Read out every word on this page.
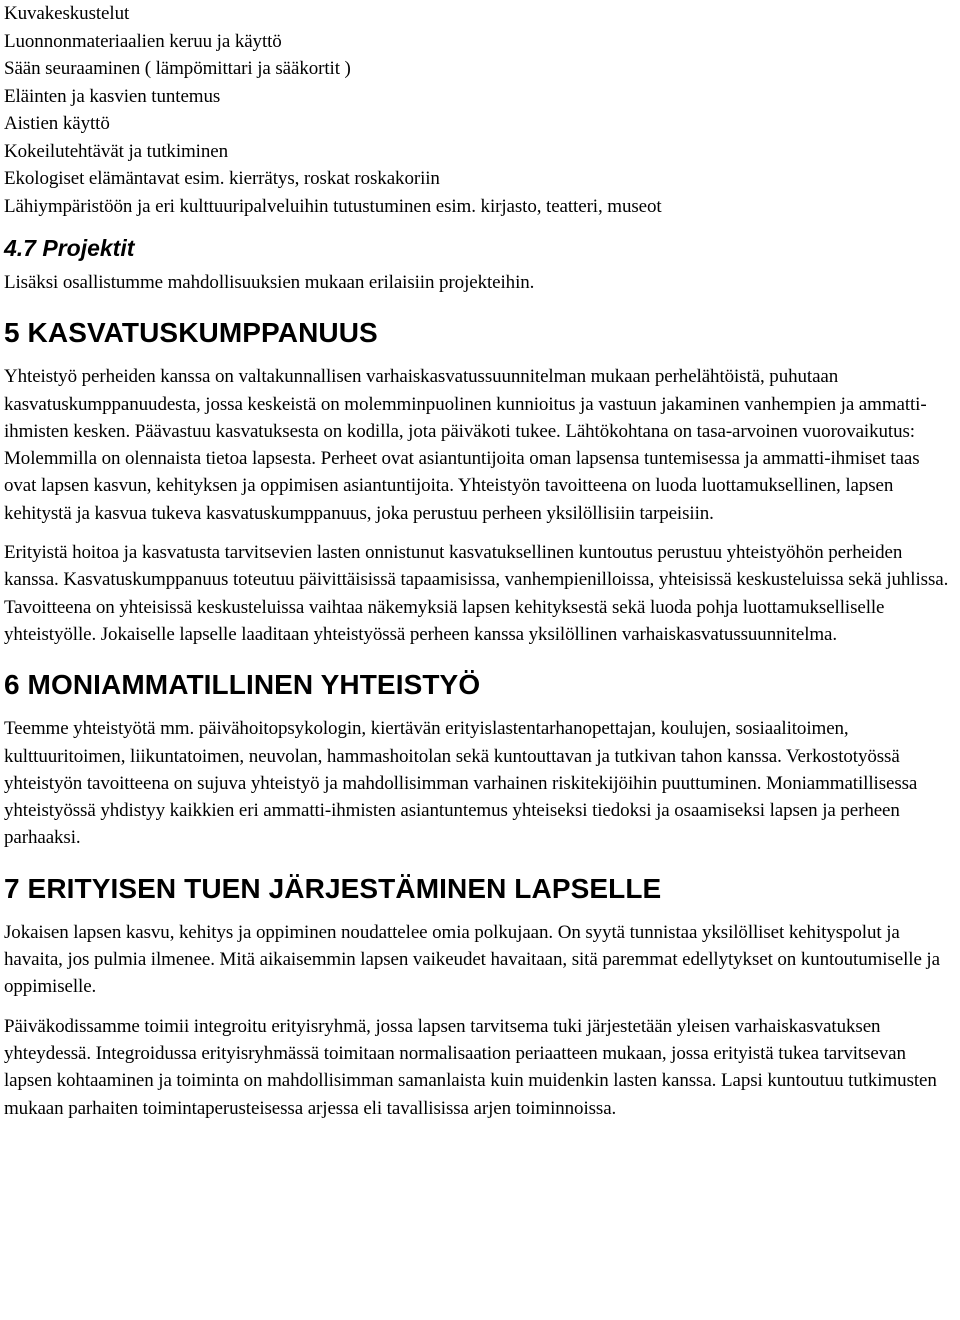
Kuvakeskustelut
Luonnonmateriaalien keruu ja käyttö
Sään seuraaminen ( lämpömittari ja sääkortit )
Eläinten ja kasvien tuntemus
Aistien käyttö
Kokeilutehtävät ja tutkiminen
Ekologiset elämäntavat esim. kierrätys, roskat roskakoriin
Lähiympäristöön ja eri kulttuuripalveluihin tutustuminen esim. kirjasto, teatteri, museot
4.7 Projektit

Lisäksi osallistumme mahdollisuuksien mukaan erilaisiin projekteihin.

5 KASVATUSKUMPPANUUS

Yhteistyö perheiden kanssa on valtakunnallisen varhaiskasvatussuunnitelman mukaan perhelähtöistä, puhutaan kasvatuskumppanuudesta, jossa keskeistä on molemminpuolinen kunnioitus ja vastuun jakaminen vanhempien ja ammatti-ihmisten kesken. Päävastuu kasvatuksesta on kodilla, jota päiväkoti tukee. Lähtökohtana on tasa-arvoinen vuorovaikutus: Molemmilla on olennaista tietoa lapsesta. Perheet ovat asiantuntijoita oman lapsensa tuntemisessa ja ammatti-ihmiset taas ovat lapsen kasvun, kehityksen ja oppimisen asiantuntijoita. Yhteistyön tavoitteena on luoda luottamuksellinen, lapsen kehitystä ja kasvua tukeva kasvatuskumppanuus, joka perustuu perheen yksilöllisiin tarpeisiin.

Erityistä hoitoa ja kasvatusta tarvitsevien lasten onnistunut kasvatuksellinen kuntoutus perustuu yhteistyöhön perheiden kanssa. Kasvatuskumppanuus toteutuu päivittäisissä tapaamisissa, vanhempienilloissa, yhteisissä keskusteluissa sekä juhlissa. Tavoitteena on yhteisissä keskusteluissa vaihtaa näkemyksiä lapsen kehityksestä sekä luoda pohja luottamukselliselle yhteistyölle. Jokaiselle lapselle laaditaan yhteistyössä perheen kanssa yksilöllinen varhaiskasvatussuunnitelma.

6 MONIAMMATILLINEN YHTEISTYÖ

Teemme yhteistyötä mm. päivähoitopsykologin, kiertävän erityislastentarhanopettajan, koulujen, sosiaalitoimen, kulttuuritoimen, liikuntatoimen, neuvolan, hammashoitolan sekä kuntouttavan ja tutkivan tahon kanssa. Verkostotyössä yhteistyön tavoitteena on sujuva yhteistyö ja mahdollisimman varhainen riskitekijöihin puuttuminen. Moniammatillisessa yhteistyössä yhdistyy kaikkien eri ammatti-ihmisten asiantuntemus yhteiseksi tiedoksi ja osaamiseksi lapsen ja perheen parhaaksi.

7 ERITYISEN TUEN JÄRJESTÄMINEN LAPSELLE

Jokaisen lapsen kasvu, kehitys ja oppiminen noudattelee omia polkujaan. On syytä tunnistaa yksilölliset kehityspolut ja havaita, jos pulmia ilmenee. Mitä aikaisemmin lapsen vaikeudet havaitaan, sitä paremmat edellytykset on kuntoutumiselle ja oppimiselle.

Päiväkodissamme toimii integroitu erityisryhmä, jossa lapsen tarvitsema tuki järjestetään yleisen varhaiskasvatuksen yhteydessä. Integroidussa erityisryhmässä toimitaan normalisaation periaatteen mukaan, jossa erityistä tukea tarvitsevan lapsen kohtaaminen ja toiminta on mahdollisimman samanlaista kuin muidenkin lasten kanssa. Lapsi kuntoutuu tutkimusten mukaan parhaiten toimintaperusteisessa arjessa eli tavallisissa arjen toiminnoissa.
